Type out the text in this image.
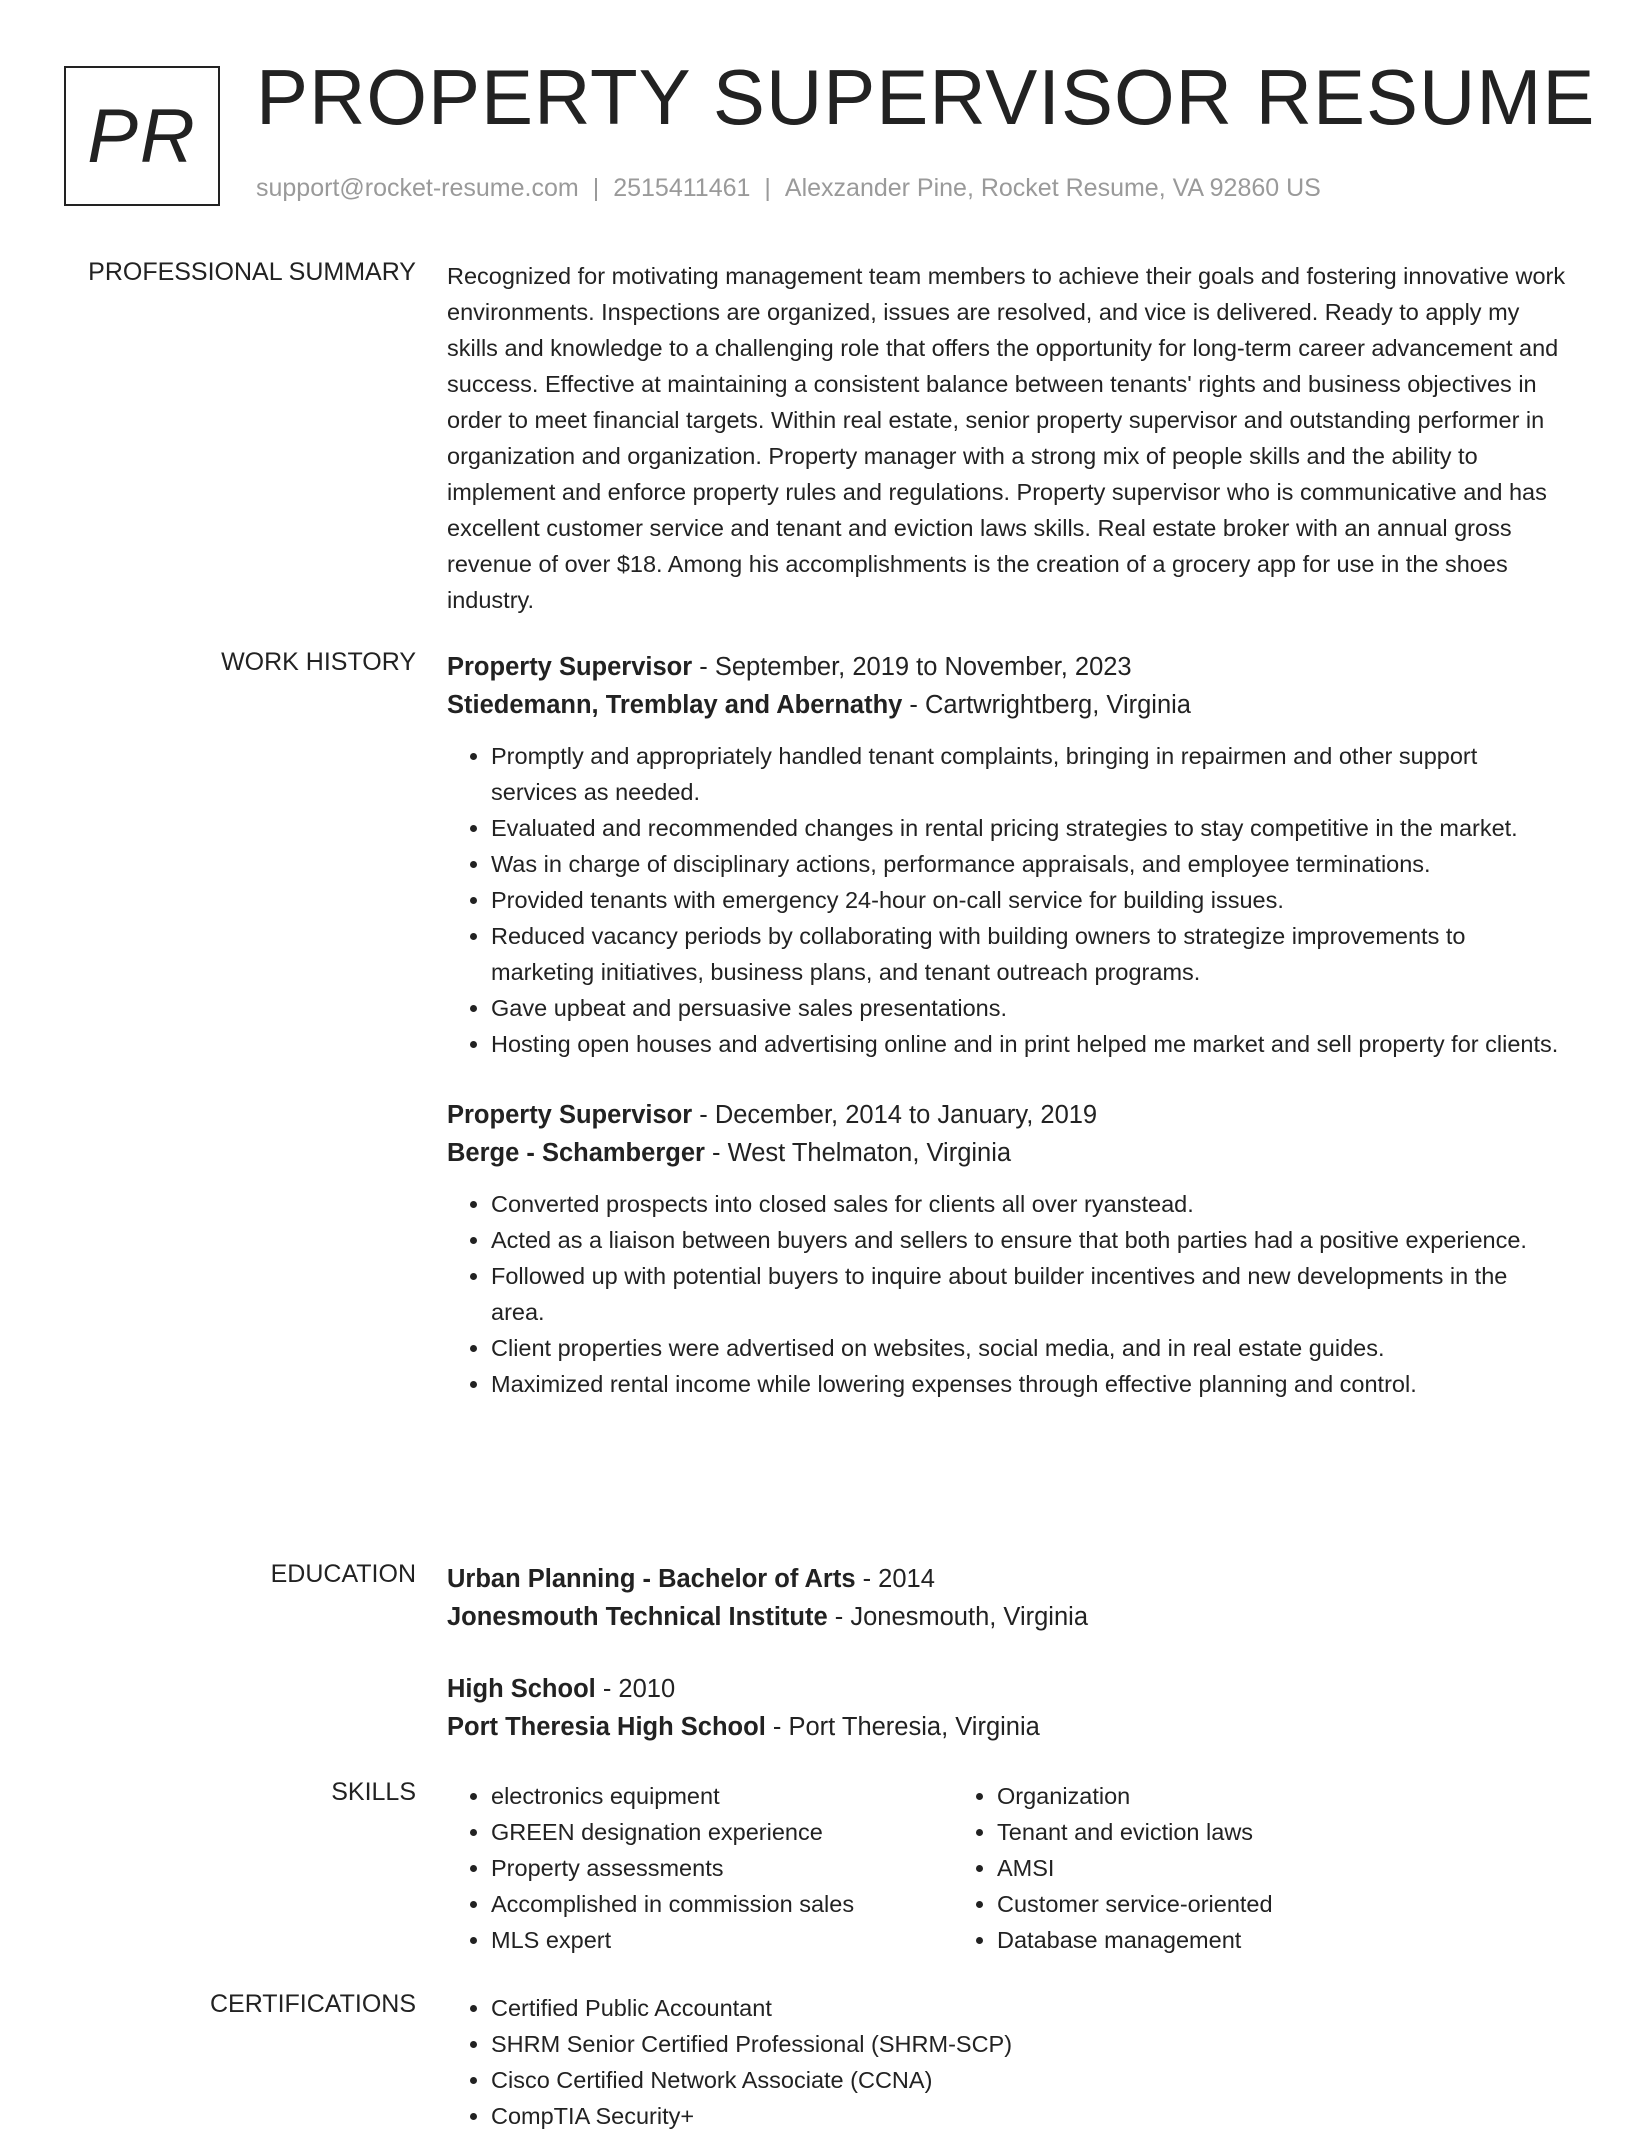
PR PROPERTY SUPERVISOR RESUME
support@rocket-resume.com | 2515411461 | Alexzander Pine, Rocket Resume, VA 92860 US
PROFESSIONAL SUMMARY Recognized for motivating management team members to achieve their goals and fostering innovative work environments. Inspections are organized, issues are resolved, and vice is delivered. Ready to apply my skills and knowledge to a challenging role that offers the opportunity for long-term career advancement and success. Effective at maintaining a consistent balance between tenants' rights and business objectives in order to meet financial targets. Within real estate, senior property supervisor and outstanding performer in organization and organization. Property manager with a strong mix of people skills and the ability to implement and enforce property rules and regulations. Property supervisor who is communicative and has excellent customer service and tenant and eviction laws skills. Real estate broker with an annual gross revenue of over $18. Among his accomplishments is the creation of a grocery app for use in the shoes industry.

WORK HISTORY Property Supervisor - September, 2019 to November, 2023
Stiedemann, Tremblay and Abernathy - Cartwrightberg, Virginia
• Promptly and appropriately handled tenant complaints, bringing in repairmen and other support services as needed.
• Evaluated and recommended changes in rental pricing strategies to stay competitive in the market.
• Was in charge of disciplinary actions, performance appraisals, and employee terminations.
• Provided tenants with emergency 24-hour on-call service for building issues.
• Reduced vacancy periods by collaborating with building owners to strategize improvements to marketing initiatives, business plans, and tenant outreach programs.
• Gave upbeat and persuasive sales presentations.
• Hosting open houses and advertising online and in print helped me market and sell property for clients.
Property Supervisor - December, 2014 to January, 2019
Berge - Schamberger - West Thelmaton, Virginia
• Converted prospects into closed sales for clients all over ryanstead.
• Acted as a liaison between buyers and sellers to ensure that both parties had a positive experience.
• Followed up with potential buyers to inquire about builder incentives and new developments in the area.
• Client properties were advertised on websites, social media, and in real estate guides.
• Maximized rental income while lowering expenses through effective planning and control.
EDUCATION Urban Planning - Bachelor of Arts - 2014
Jonesmouth Technical Institute - Jonesmouth, Virginia
High School - 2010
Port Theresia High School - Port Theresia, Virginia
SKILLS	• electronics equipment
• GREEN designation experience
• Property assessments
• Accomplished in commission sales
• MLS expert
• Organization
• Tenant and eviction laws
• AMSI
• Customer service-oriented
• Database management
CERTIFICATIONS	• Certified Public Accountant
• SHRM Senior Certified Professional (SHRM-SCP)
• Cisco Certified Network Associate (CCNA)
• CompTIA Security+
